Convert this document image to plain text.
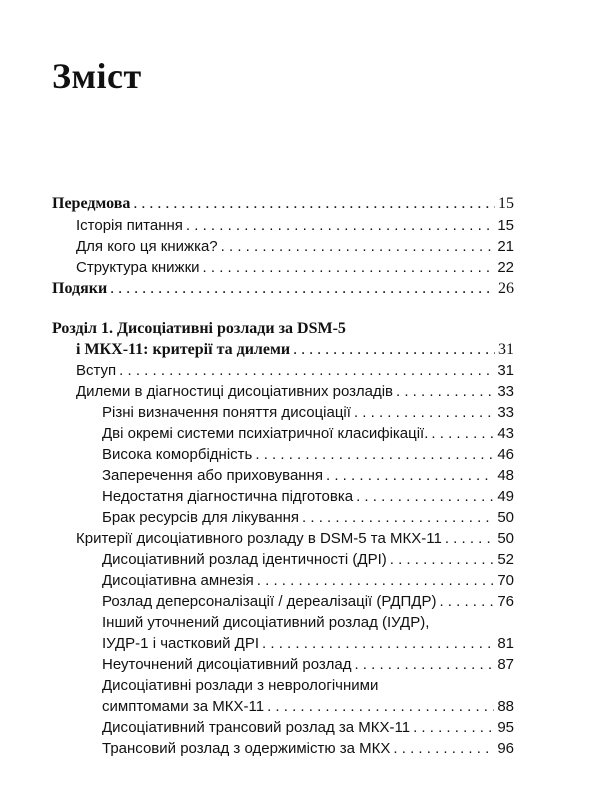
Зміст
Передмова . . .	15
Історія питання . . .	15
Для кого ця книжка? . . .	21
Структура книжки . . .	22
Подяки . . .	26
Розділ 1. Дисоціативні розлади за DSM-5
і МКХ-11: критерії та дилеми . . .	31
Вступ . . .	31
Дилеми в діагностиці дисоціативних розладів . . .	33
Різні визначення поняття дисоціації . . .	33
Дві окремі системи психіатричної класифікації. . . .	43
Висока коморбідність . . .	46
Заперечення або приховування . . .	48
Недостатня діагностична підготовка . . .	49
Брак ресурсів для лікування . . .	50
Критерії дисоціативного розладу в DSM-5 та МКХ-11 . . .	50
Дисоціативний розлад ідентичності (ДРІ) . . .	52
Дисоціативна амнезія . . .	70
Розлад деперсоналізації / дереалізації (РДПДР) . . .	76
Інший уточнений дисоціативний розлад (ІУДР),
ІУДР-1 і частковий ДРІ . . .	81
Неуточнений дисоціативний розлад . . .	87
Дисоціативні розлади з неврологічними
симптомами за МКХ-11 . . .	88
Дисоціативний трансовий розлад за МКХ-11 . . .	95
Трансовий розлад з одержимістю за МКХ . . .	96
